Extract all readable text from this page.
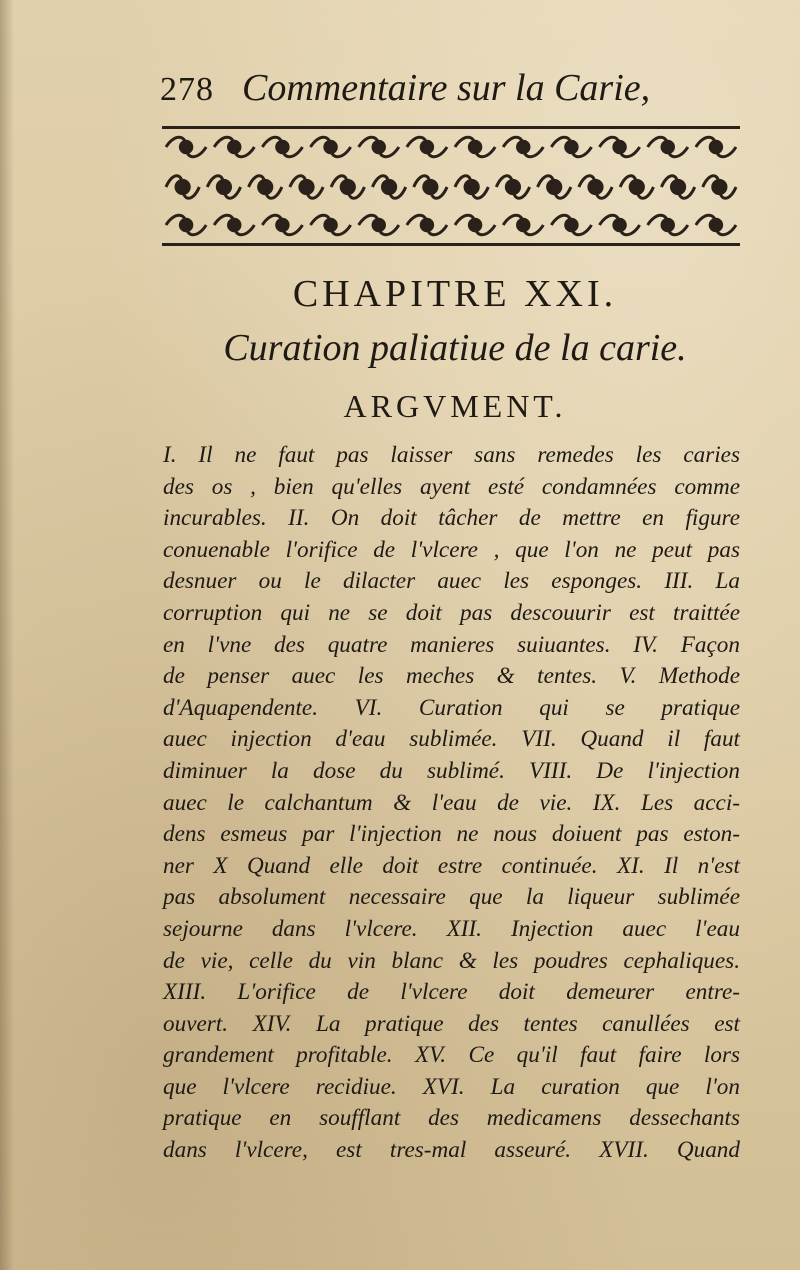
278 Commentaire sur la Carie,
CHAPITRE XXI.
Curation paliatiue de la carie.
ARGVMENT.
I. Il ne faut pas laisser sans remedes les caries
des os , bien qu'elles ayent esté condamnées comme
incurables. II. On doit tâcher de mettre en figure
conuenable l'orifice de l'vlcere , que l'on ne peut pas
desnuer ou le dilacter auec les esponges. III. La
corruption qui ne se doit pas descouurir est traittée
en l'vne des quatre manieres suiuantes. IV. Façon
de penser auec les meches & tentes. V. Methode
d'Aquapendente. VI. Curation qui se pratique
auec injection d'eau sublimée. VII. Quand il faut
diminuer la dose du sublimé. VIII. De l'injection
auec le calchantum & l'eau de vie. IX. Les acci-
dens esmeus par l'injection ne nous doiuent pas eston-
ner X Quand elle doit estre continuée. XI. Il n'est
pas absolument necessaire que la liqueur sublimée
sejourne dans l'vlcere. XII. Injection auec l'eau
de vie, celle du vin blanc & les poudres cephaliques.
XIII. L'orifice de l'vlcere doit demeurer entre-
ouvert. XIV. La pratique des tentes canullées est
grandement profitable. XV. Ce qu'il faut faire lors
que l'vlcere recidiue. XVI. La curation que l'on
pratique en soufflant des medicamens dessechants
dans l'vlcere, est tres-mal asseuré. XVII. Quand
